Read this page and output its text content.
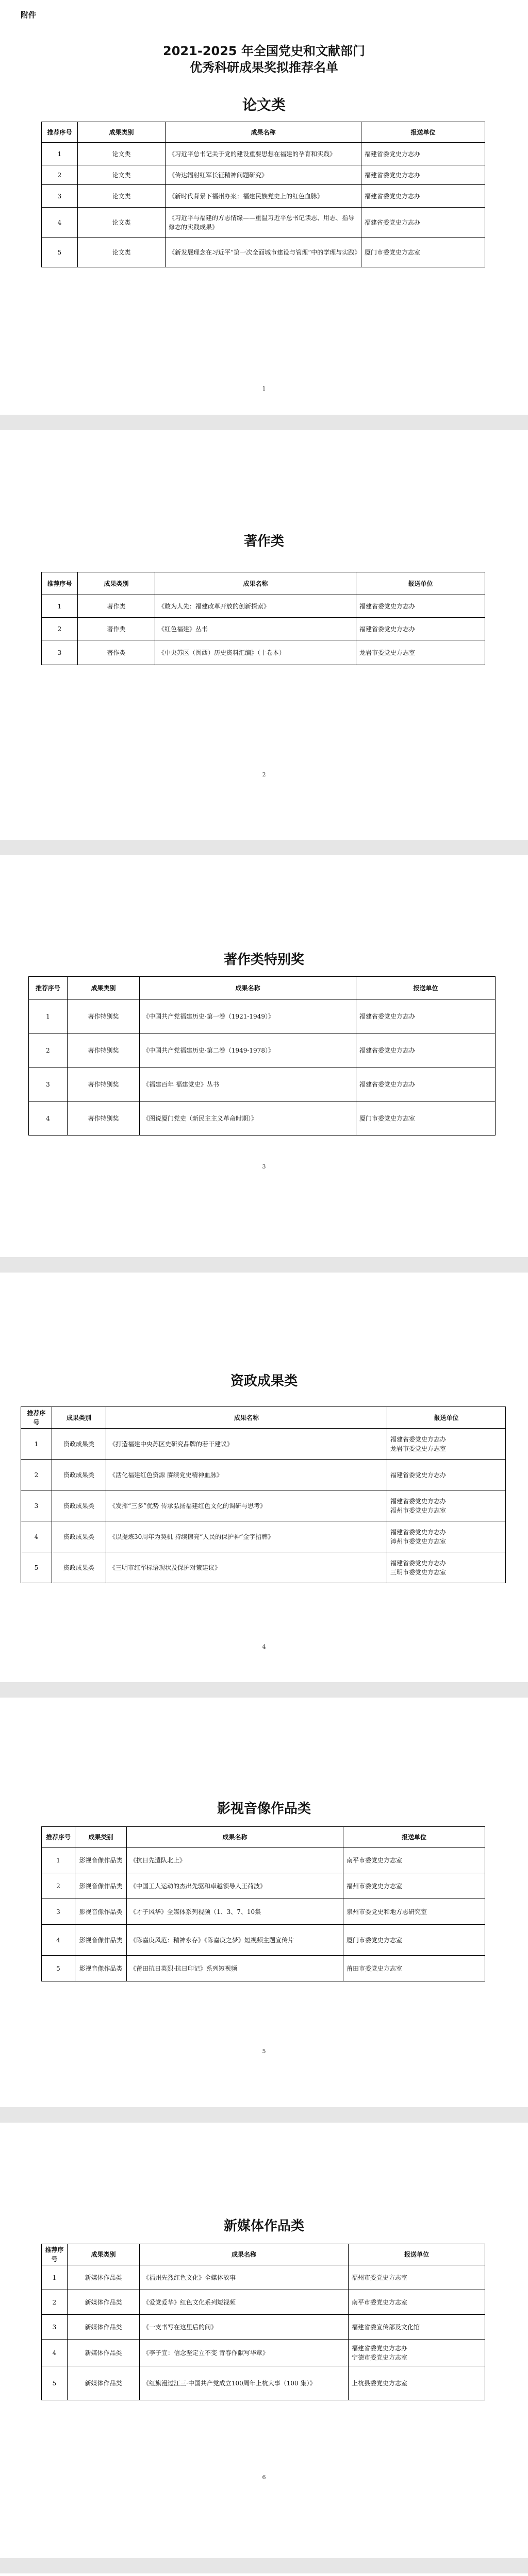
附件
2021-2025 年全国党史和文献部门
优秀科研成果奖拟推荐名单
论文类
推荐序号	成果类别	成果名称	报送单位
1	论文类	《习近平总书记关于党的建设重要思想在福建的孕育和实践》	福建省委党史方志办
2	论文类	《传达辐射红军长征精神问题研究》	福建省委党史方志办
3	论文类	《新时代背景下福州办案：福建民族党史上的红色血脉》	福建省委党史方志办
4	论文类	《习近平与福建的方志情缘——重温习近平总书记读志、用志、指导修志的实践成果》	福建省委党史方志办
5	论文类	《新发展理念在习近平“第一次全面城市建设与管理”中的学理与实践》	厦门市委党史方志室
1
著作类
推荐序号	成果类别	成果名称	报送单位
1	著作类	《敢为人先：福建改革开放的创新探索》	福建省委党史方志办
2	著作类	《红色福建》丛书	福建省委党史方志办
3	著作类	《中央苏区（闽西）历史资料汇编》（十卷本）	龙岩市委党史方志室
2
著作类特别奖
推荐序号	成果类别	成果名称	报送单位
1	著作特别奖	《中国共产党福建历史·第一卷（1921-1949）》	福建省委党史方志办
2	著作特别奖	《中国共产党福建历史·第二卷（1949-1978）》	福建省委党史方志办
3	著作特别奖	《福建百年 福建党史》丛书	福建省委党史方志办
4	著作特别奖	《图说厦门党史（新民主主义革命时期）》	厦门市委党史方志室
3
资政成果类
推荐序号	成果类别	成果名称	报送单位
1	资政成果类	《打造福建中央苏区史研究品牌的若干建议》	福建省委党史方志办
龙岩市委党史方志室
2	资政成果类	《活化福建红色资源 赓续党史精神血脉》	福建省委党史方志办
3	资政成果类	《发挥“三多”优势 传承弘扬福建红色文化的调研与思考》	福建省委党史方志办
福州市委党史方志室
4	资政成果类	《以提炼30周年为契机 持续擦亮“人民的保护神”金字招牌》	福建省委党史方志办
漳州市委党史方志室
5	资政成果类	《三明市红军标语现状及保护对策建议》	福建省委党史方志办
三明市委党史方志室
4
影视音像作品类
推荐序号	成果类别	成果名称	报送单位
1	影视音像作品类	《抗日先遣队北上》	南平市委党史方志室
2	影视音像作品类	《中国工人运动的杰出先驱和卓越领导人王荷波》	福州市委党史方志室
3	影视音像作品类	《才子风华》全媒体系列视频（1、3、7、10集	泉州市委党史和地方志研究室
4	影视音像作品类	《陈嘉庚风范：精神永存》《陈嘉庚之梦》短视频主题宣传片	厦门市委党史方志室
5	影视音像作品类	《莆田抗日英烈·抗日印记》系列短视频	莆田市委党史方志室
5
新媒体作品类
推荐序号	成果类别	成果名称	报送单位
1	新媒体作品类	《福州先烈红色文化》全媒体故事	福州市委党史方志室
2	新媒体作品类	《爱党爱华》红色文化系列短视频	南平市委党史方志室
3	新媒体作品类	《一支书写在这里后的问》	福建省委宣传部及文化馆
4	新媒体作品类	《李子宣：信念坚定立不变 青春作献写华章》	福建省委党史方志办
宁德市委党史方志室
5	新媒体作品类	《红旗漫过江三·中国共产党成立100周年上杭大事（100 集）》	上杭县委党史方志室
6
